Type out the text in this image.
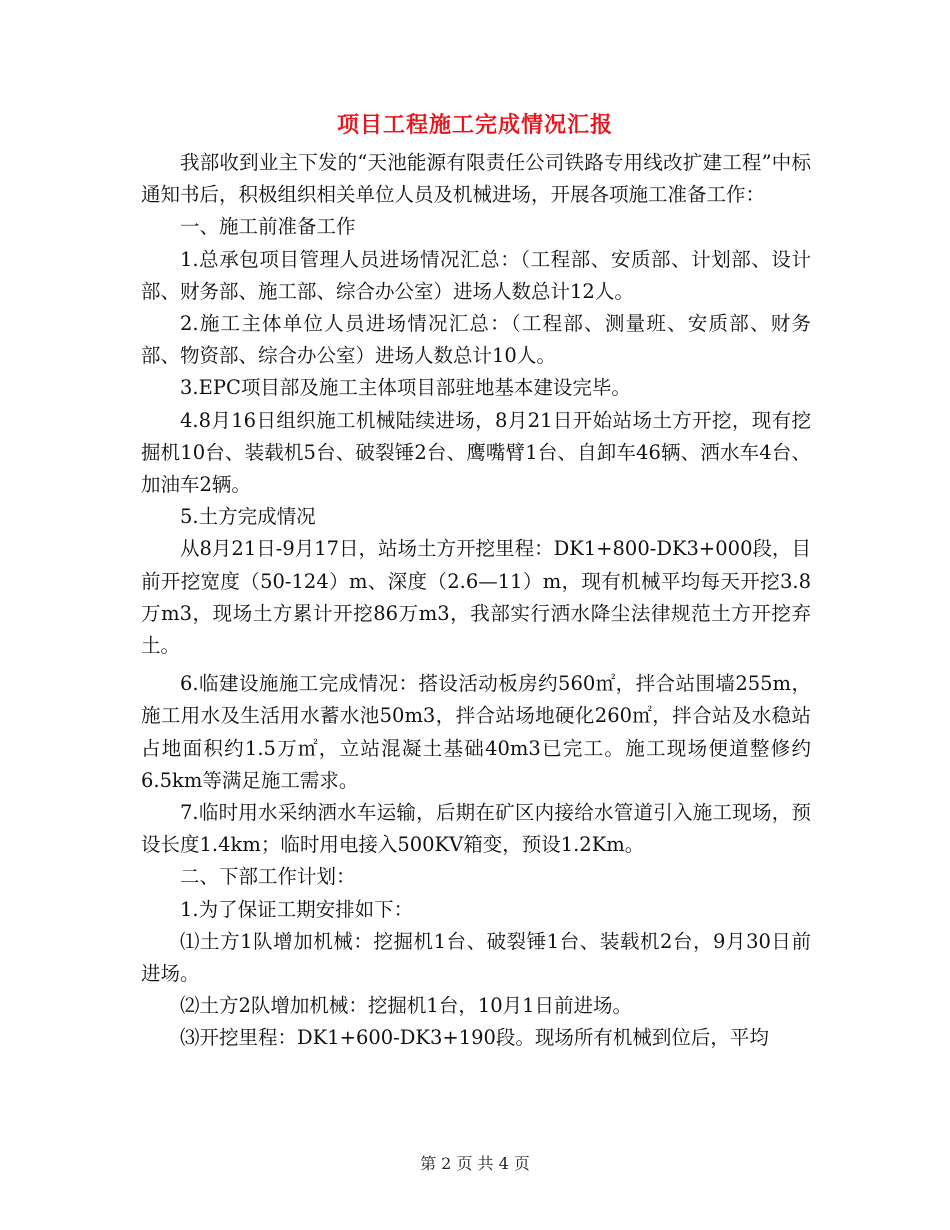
项目工程施工完成情况汇报

我部收到业主下发的“天池能源有限责任公司铁路专用线改扩建工程”中标通知书后，积极组织相关单位人员及机械进场，开展各项施工准备工作：

一、施工前准备工作

1.总承包项目管理人员进场情况汇总：（工程部、安质部、计划部、设计部、财务部、施工部、综合办公室）进场人数总计12人。

2.施工主体单位人员进场情况汇总：（工程部、测量班、安质部、财务部、物资部、综合办公室）进场人数总计10人。

3.EPC项目部及施工主体项目部驻地基本建设完毕。

4.8月16日组织施工机械陆续进场，8月21日开始站场土方开挖，现有挖掘机10台、装载机5台、破裂锤2台、鹰嘴臂1台、自卸车46辆、洒水车4台、加油车2辆。

5.土方完成情况

从8月21日-9月17日，站场土方开挖里程：DK1+800-DK3+000段，目前开挖宽度（50-124）m、深度（2.6—11）m，现有机械平均每天开挖3.8万m3，现场土方累计开挖86万m3，我部实行洒水降尘法律规范土方开挖弃土。

6.临建设施施工完成情况：搭设活动板房约560㎡，拌合站围墙255m，施工用水及生活用水蓄水池50m3，拌合站场地硬化260㎡，拌合站及水稳站占地面积约1.5万㎡，立站混凝土基础40m3已完工。施工现场便道整修约6.5km等满足施工需求。

7.临时用水采纳洒水车运输，后期在矿区内接给水管道引入施工现场，预设长度1.4km；临时用电接入500KV箱变，预设1.2Km。

二、下部工作计划：

1.为了保证工期安排如下：

⑴土方1队增加机械：挖掘机1台、破裂锤1台、装载机2台，9月30日前进场。

⑵土方2队增加机械：挖掘机1台，10月1日前进场。

⑶开挖里程：DK1+600-DK3+190段。现场所有机械到位后，平均

第 2 页 共 4 页
